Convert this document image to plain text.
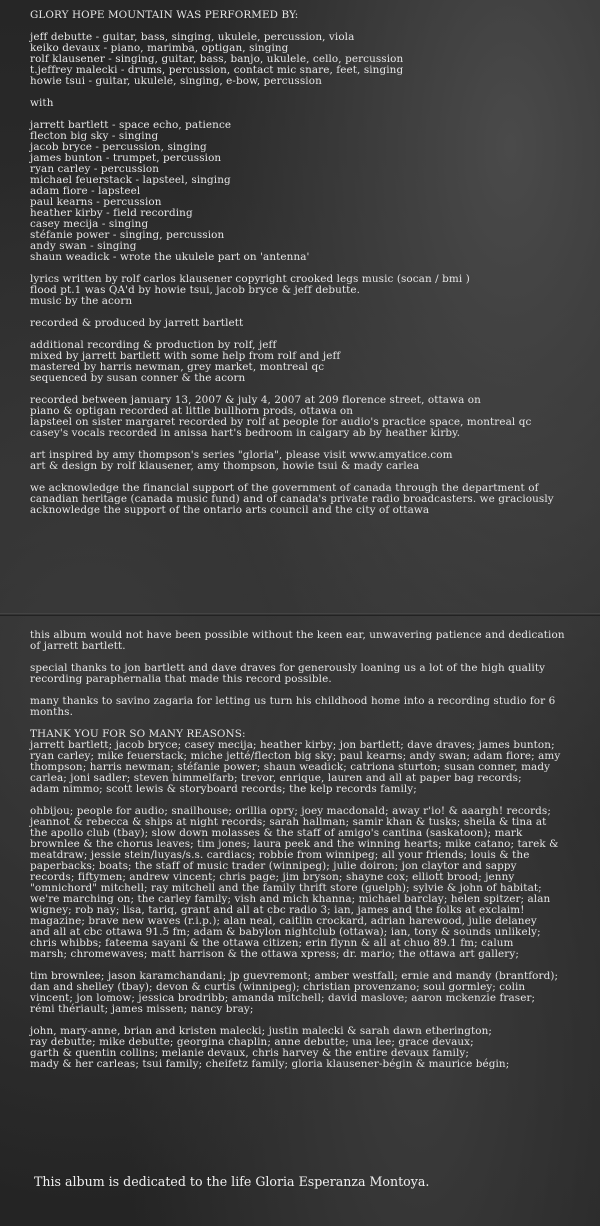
GLORY HOPE MOUNTAIN WAS PERFORMED BY:
jeff debutte - guitar, bass, singing, ukulele, percussion, viola
keiko devaux - piano, marimba, optigan, singing
rolf klausener - singing, guitar, bass, banjo, ukulele, cello, percussion
t.jeffrey malecki - drums, percussion, contact mic snare, feet, singing
howie tsui - guitar, ukulele, singing, e-bow, percussion
with
jarrett bartlett - space echo, patience
flecton big sky - singing
jacob bryce - percussion, singing
james bunton - trumpet, percussion
ryan carley - percussion
michael feuerstack - lapsteel, singing
adam fiore - lapsteel
paul kearns - percussion
heather kirby - field recording
casey mecija - singing
stéfanie power - singing, percussion
andy swan - singing
shaun weadick - wrote the ukulele part on 'antenna'
lyrics written by rolf carlos klausener copyright crooked legs music (socan / bmi )
flood pt.1 was QA'd by howie tsui, jacob bryce & jeff debutte.
music by the acorn
recorded & produced by jarrett bartlett
additional recording & production by rolf, jeff
mixed by jarrett bartlett with some help from rolf and jeff
mastered by harris newman, grey market, montreal qc
sequenced by susan conner & the acorn
recorded between january 13, 2007 & july 4, 2007 at 209 florence street, ottawa on
piano & optigan recorded at little bullhorn prods, ottawa on
lapsteel on sister margaret recorded by rolf at people for audio's practice space, montreal qc
casey's vocals recorded in anissa hart's bedroom in calgary ab by heather kirby.
art inspired by amy thompson's series "gloria", please visit www.amyatice.com
art & design by rolf klausener, amy thompson, howie tsui & mady carlea
we acknowledge the financial support of the government of canada through the department of
canadian heritage (canada music fund) and of canada's private radio broadcasters. we graciously
acknowledge the support of the ontario arts council and the city of ottawa
this album would not have been possible without the keen ear, unwavering patience and dedication
of jarrett bartlett.
special thanks to jon bartlett and dave draves for generously loaning us a lot of the high quality
recording paraphernalia that made this record possible.
many thanks to savino zagaria for letting us turn his childhood home into a recording studio for 6
months.
THANK YOU FOR SO MANY REASONS:
jarrett bartlett; jacob bryce; casey mecija; heather kirby; jon bartlett; dave draves; james bunton;
ryan carley; mike feuerstack; miche jetté/flecton big sky; paul kearns; andy swan; adam fiore; amy
thompson; harris newman; stéfanie power; shaun weadick; catriona sturton; susan conner, mady
carlea; joni sadler; steven himmelfarb; trevor, enrique, lauren and all at paper bag records;
adam nimmo; scott lewis & storyboard records; the kelp records family;
ohbijou; people for audio; snailhouse; orillia opry; joey macdonald; away r'io! & aaargh! records;
jeannot & rebecca & ships at night records; sarah hallman; samir khan & tusks; sheila & tina at
the apollo club (tbay); slow down molasses & the staff of amigo's cantina (saskatoon); mark
brownlee & the chorus leaves; tim jones; laura peek and the winning hearts; mike catano; tarek &
meatdraw; jessie stein/luyas/s.s. cardiacs; robbie from winnipeg; all your friends; louis & the
paperbacks; boats; the staff of music trader (winnipeg); julie doiron; jon claytor and sappy
records; fiftymen; andrew vincent; chris page; jim bryson; shayne cox; elliott brood; jenny
"omnichord" mitchell; ray mitchell and the family thrift store (guelph); sylvie & john of habitat;
we're marching on; the carley family; vish and mich khanna; michael barclay; helen spitzer; alan
wigney; rob nay; lisa, tariq, grant and all at cbc radio 3; ian, james and the folks at exclaim!
magazine; brave new waves (r.i.p.); alan neal, caitlin crockard, adrian harewood, julie delaney
and all at cbc ottawa 91.5 fm; adam & babylon nightclub (ottawa); ian, tony & sounds unlikely;
chris whibbs; fateema sayani & the ottawa citizen; erin flynn & all at chuo 89.1 fm; calum
marsh; chromewaves; matt harrison & the ottawa xpress; dr. mario; the ottawa art gallery;
tim brownlee; jason karamchandani; jp guevremont; amber westfall; ernie and mandy (brantford);
dan and shelley (tbay); devon & curtis (winnipeg); christian provenzano; soul gormley; colin
vincent; jon lomow; jessica brodribb; amanda mitchell; david maslove; aaron mckenzie fraser;
rémi thériault; james missen; nancy bray;
john, mary-anne, brian and kristen malecki; justin malecki & sarah dawn etherington;
ray debutte; mike debutte; georgina chaplin; anne debutte; una lee; grace devaux;
garth & quentin collins; melanie devaux, chris harvey & the entire devaux family;
mady & her carleas; tsui family; cheifetz family; gloria klausener-bégin & maurice bégin;
This album is dedicated to the life Gloria Esperanza Montoya.
